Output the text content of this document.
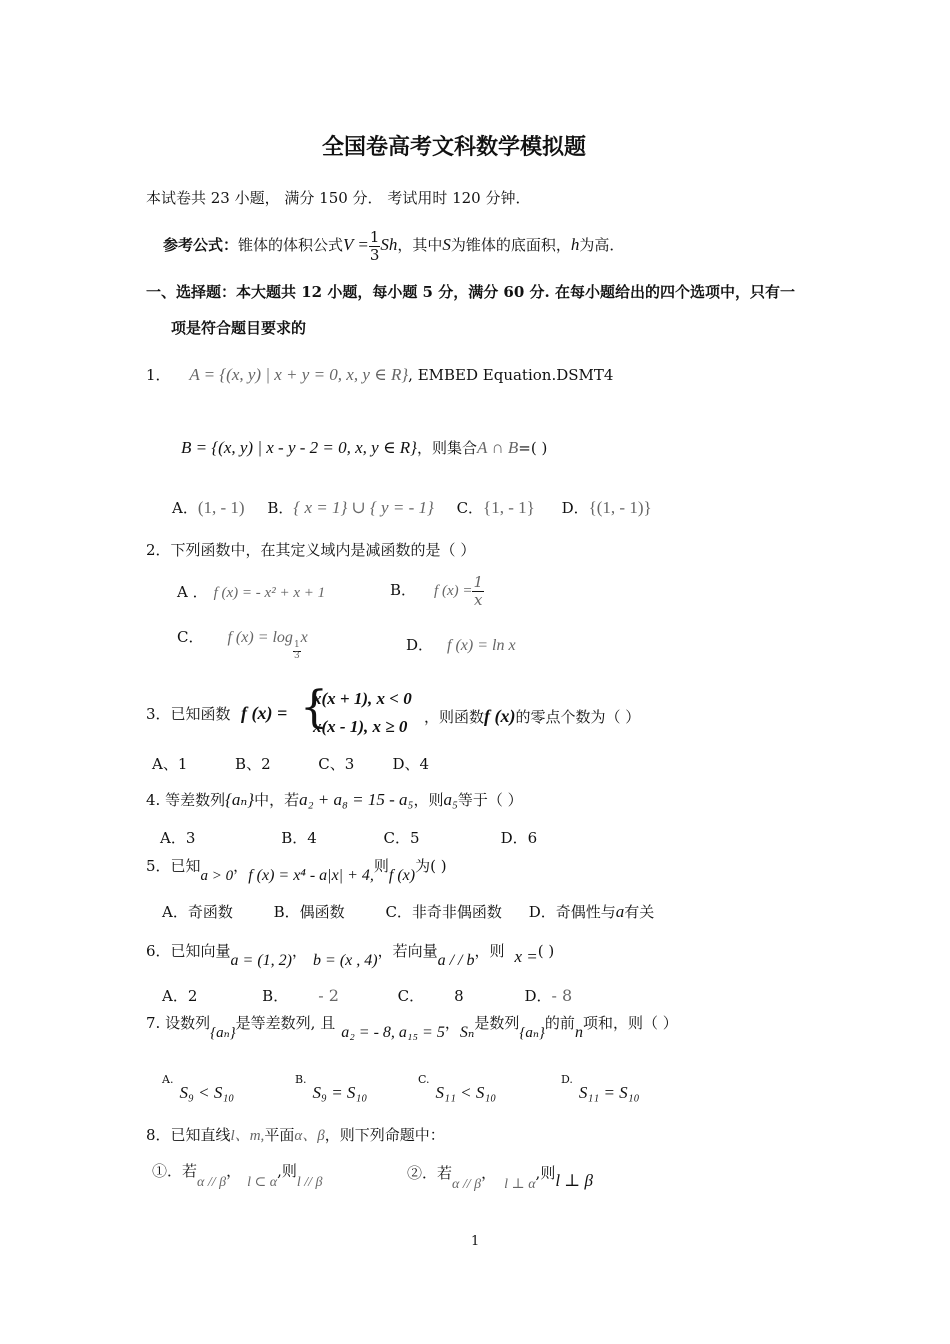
全国卷高考文科数学模拟题
本试卷共 23 小题， 满分 150 分． 考试用时 120 分钟．
参考公式：锥体的体积公式$V = \frac{1}{3}$ Sh，其中S为锥体的底面积，h为高．
一、选择题：本大题共 12 小题，每小题 5 分，满分 60 分. 在每小题给出的四个选项中，只有一
项是符合题目要求的
1． A = {(x, y) | x + y = 0, x, y ∈ R}, EMBED Equation.DSMT4
B = {(x, y) | x - y - 2 = 0, x, y ∈ R}，则集合A ∩ B=( )
A．(1, - 1) B．{ x = 1} ∪ { y = - 1} C．{1, - 1} D．{(1, - 1)}
2．下列函数中，在其定义域内是减函数的是（ ）
A ． f (x) = - x² + x + 1	B． f $(x) = \frac{1}{x}$
C． f (x) = log
$\frac{1}{3}$
x	D． f (x) = ln x
3．已知函数 f (x) = {
x(x + 1), x < 0
x(x - 1), x ≥ 0 ，则函数f (x)的零点个数为（ ）
A、1          B、2          C、3        D、4
4. 等差数列{aₙ}中，若a₂ + a₈ = 15 - a₅，则a₅等于（ ）
A．3                  B．4              C．5                 D．6
5．已知a > 0，f (x) = x⁴ - a|x| + 4,则f (x)为( )
A．奇函数	B．偶函数	C．非奇非偶函数 D．奇偶性与a有关
6．已知向量a = (1, 2)，b = (x , 4)，若向量a / / b，则 x =( )
A．2	B． - 2	C． 8	D．- 8
7. 设数列{aₙ}是等差数列, 且a₂ = - 8, a₁₅ = 5，Sₙ是数列{aₙ}的前n项和，则（ ）
$^{A.}$S₉ < S₁₀ $^{B.}$S₉ = S₁₀ $^{C.}$S₁₁ < S₁₀ $^{D.}$S₁₁ = S₁₀
8．已知直线l、m,平面α、β，则下列命题中：
①．若α // β，l ⊂ α,则l // β
②．若α // β，l ⊥ α,则l ⊥ β
1
